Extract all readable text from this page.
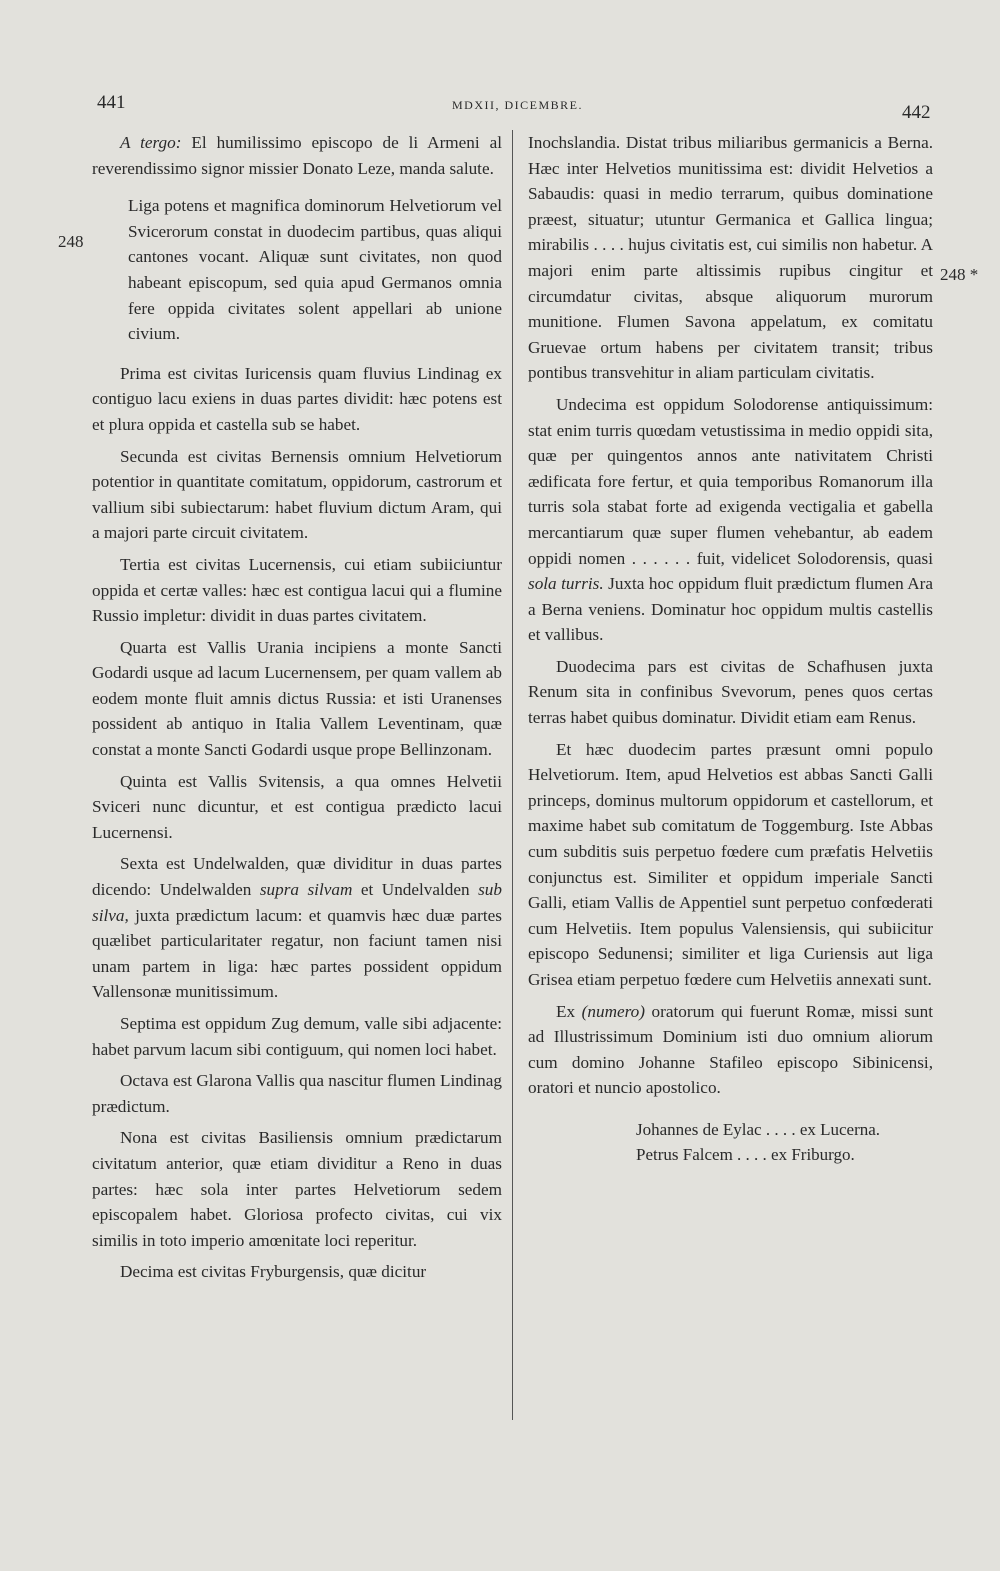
441	MDXII, DICEMBRE.	442
248
248 *

A tergo: El humilissimo episcopo de li Armeni al reverendissimo signor missier Donato Leze, manda salute.

Liga potens et magnifica dominorum Helvetiorum vel Svicerorum constat in duodecim partibus, quas aliqui cantones vocant. Aliquæ sunt civitates, non quod habeant episcopum, sed quia apud Germanos omnia fere oppida civitates solent appellari ab unione civium.

Prima est civitas Iuricensis quam fluvius Lindinag ex contiguo lacu exiens in duas partes dividit: hæc potens est et plura oppida et castella sub se habet.

Secunda est civitas Bernensis omnium Helvetiorum potentior in quantitate comitatum, oppidorum, castrorum et vallium sibi subiectarum: habet fluvium dictum Aram, qui a majori parte circuit civitatem.

Tertia est civitas Lucernensis, cui etiam subiiciuntur oppida et certæ valles: hæc est contigua lacui qui a flumine Russio impletur: dividit in duas partes civitatem.

Quarta est Vallis Urania incipiens a monte Sancti Godardi usque ad lacum Lucernensem, per quam vallem ab eodem monte fluit amnis dictus Russia: et isti Uranenses possident ab antiquo in Italia Vallem Leventinam, quæ constat a monte Sancti Godardi usque prope Bellinzonam.

Quinta est Vallis Svitensis, a qua omnes Helvetii Sviceri nunc dicuntur, et est contigua prædicto lacui Lucernensi.

Sexta est Undelwalden, quæ dividitur in duas partes dicendo: Undelwalden supra silvam et Undelvalden sub silva, juxta prædictum lacum: et quamvis hæc duæ partes quælibet particularitater regatur, non faciunt tamen nisi unam partem in liga: hæc partes possident oppidum Vallensonæ munitissimum.

Septima est oppidum Zug demum, valle sibi adjacente: habet parvum lacum sibi contiguum, qui nomen loci habet.

Octava est Glarona Vallis qua nascitur flumen Lindinag prædictum.

Nona est civitas Basiliensis omnium prædictarum civitatum anterior, quæ etiam dividitur a Reno in duas partes: hæc sola inter partes Helvetiorum sedem episcopalem habet. Gloriosa profecto civitas, cui vix similis in toto imperio amœnitate loci reperitur.

Decima est civitas Fryburgensis, quæ dicitur

Inochslandia. Distat tribus miliaribus germanicis a Berna. Hæc inter Helvetios munitissima est: dividit Helvetios a Sabaudis: quasi in medio terrarum, quibus dominatione præest, situatur; utuntur Germanica et Gallica lingua; mirabilis . . . . hujus civitatis est, cui similis non habetur. A majori enim parte altissimis rupibus cingitur et circumdatur civitas, absque aliquorum murorum munitione. Flumen Savona appelatum, ex comitatu Gruevae ortum habens per civitatem transit; tribus pontibus transvehitur in aliam particulam civitatis.

Undecima est oppidum Solodorense antiquissimum: stat enim turris quœdam vetustissima in medio oppidi sita, quæ per quingentos annos ante nativitatem Christi ædificata fore fertur, et quia temporibus Romanorum illa turris sola stabat forte ad exigenda vectigalia et gabella mercantiarum quæ super flumen vehebantur, ab eadem oppidi nomen . . . . . . fuit, videlicet Solodorensis, quasi sola turris. Juxta hoc oppidum fluit prædictum flumen Ara a Berna veniens. Dominatur hoc oppidum multis castellis et vallibus.

Duodecima pars est civitas de Schafhusen juxta Renum sita in confinibus Svevorum, penes quos certas terras habet quibus dominatur. Dividit etiam eam Renus.

Et hæc duodecim partes præsunt omni populo Helvetiorum. Item, apud Helvetios est abbas Sancti Galli princeps, dominus multorum oppidorum et castellorum, et maxime habet sub comitatum de Toggemburg. Iste Abbas cum subditis suis perpetuo fœdere cum præfatis Helvetiis conjunctus est. Similiter et oppidum imperiale Sancti Galli, etiam Vallis de Appentiel sunt perpetuo confœderati cum Helvetiis. Item populus Valensiensis, qui subiicitur episcopo Sedunensi; similiter et liga Curiensis aut liga Grisea etiam perpetuo fœdere cum Helvetiis annexati sunt.

Ex (numero) oratorum qui fuerunt Romæ, missi sunt ad Illustrissimum Dominium isti duo omnium aliorum cum domino Johanne Stafileo episcopo Sibinicensi, oratori et nuncio apostolico.

Johannes de Eylac . . . . ex Lucerna.
Petrus Falcem . . . . ex Friburgo.
